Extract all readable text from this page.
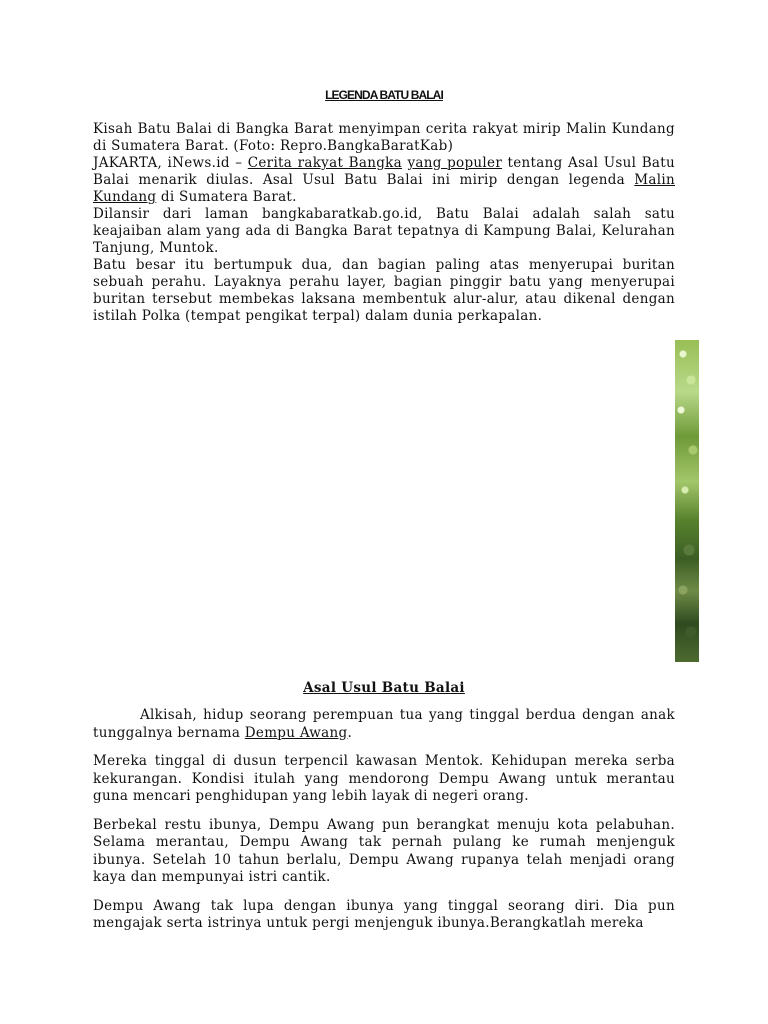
LEGENDA BATU BALAI

Kisah Batu Balai di Bangka Barat menyimpan cerita rakyat mirip Malin Kundang di Sumatera Barat. (Foto: Repro.BangkaBaratKab)

JAKARTA, iNews.id – Cerita rakyat Bangka yang populer tentang Asal Usul Batu Balai menarik diulas. Asal Usul Batu Balai ini mirip dengan legenda Malin Kundang di Sumatera Barat.

Dilansir dari laman bangkabaratkab.go.id, Batu Balai adalah salah satu keajaiban alam yang ada di Bangka Barat tepatnya di Kampung Balai, Kelurahan Tanjung, Muntok.

Batu besar itu bertumpuk dua, dan bagian paling atas menyerupai buritan sebuah perahu. Layaknya perahu layer, bagian pinggir batu yang menyerupai buritan tersebut membekas laksana membentuk alur-alur, atau dikenal dengan istilah Polka (tempat pengikat terpal) dalam dunia perkapalan.

Asal Usul Batu Balai

Alkisah, hidup seorang perempuan tua yang tinggal berdua dengan anak tunggalnya bernama Dempu Awang.

Mereka tinggal di dusun terpencil kawasan Mentok. Kehidupan mereka serba kekurangan. Kondisi itulah yang mendorong Dempu Awang untuk merantau guna mencari penghidupan yang lebih layak di negeri orang.

Berbekal restu ibunya, Dempu Awang pun berangkat menuju kota pelabuhan. Selama merantau, Dempu Awang tak pernah pulang ke rumah menjenguk ibunya. Setelah 10 tahun berlalu, Dempu Awang rupanya telah menjadi orang kaya dan mempunyai istri cantik.

Dempu Awang tak lupa dengan ibunya yang tinggal seorang diri. Dia pun mengajak serta istrinya untuk pergi menjenguk ibunya.Berangkatlah mereka
